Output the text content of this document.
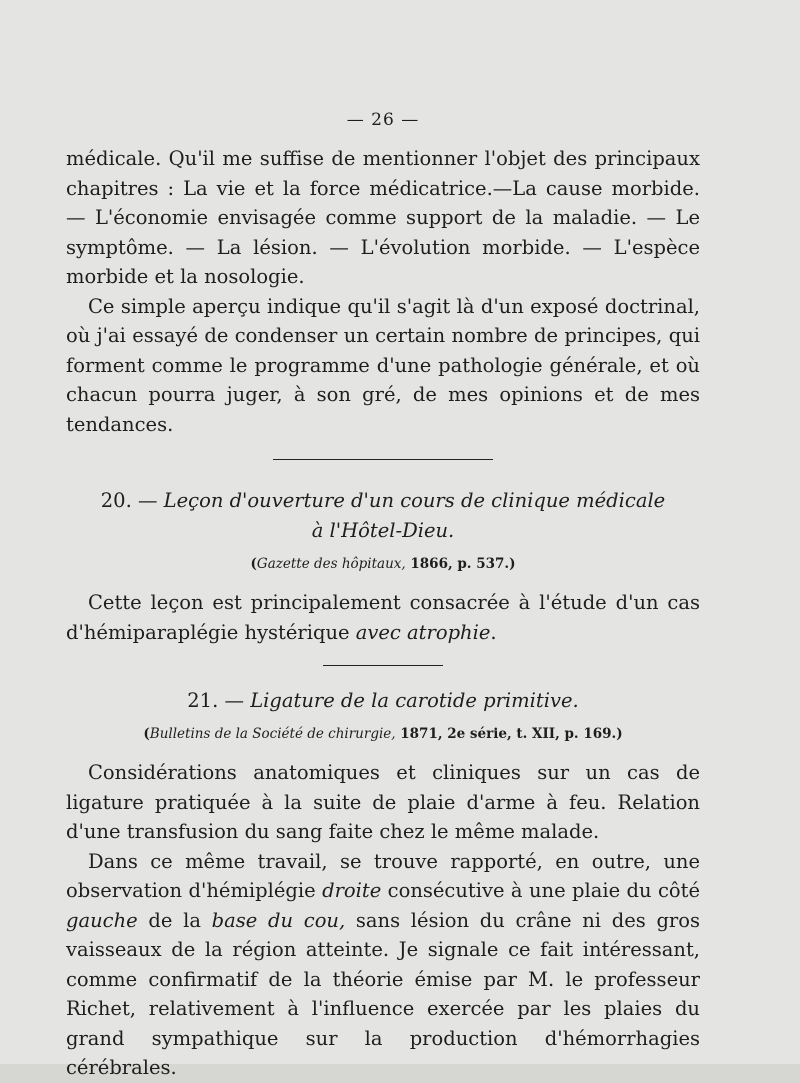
— 26 —

médicale. Qu'il me suffise de mentionner l'objet des principaux chapitres : La vie et la force médicatrice.—La cause morbide. — L'économie envisagée comme support de la maladie. — Le symptôme. — La lésion. — L'évolution morbide. — L'espèce morbide et la nosologie.

Ce simple aperçu indique qu'il s'agit là d'un exposé doctrinal, où j'ai essayé de condenser un certain nombre de principes, qui forment comme le programme d'une pathologie générale, et où chacun pourra juger, à son gré, de mes opinions et de mes tendances.

20. — Leçon d'ouverture d'un cours de clinique médicale
à l'Hôtel-Dieu.
(Gazette des hôpitaux, 1866, p. 537.)

Cette leçon est principalement consacrée à l'étude d'un cas d'hémiparaplégie hystérique avec atrophie.

21. — Ligature de la carotide primitive.
(Bulletins de la Société de chirurgie, 1871, 2e série, t. XII, p. 169.)

Considérations anatomiques et cliniques sur un cas de ligature pratiquée à la suite de plaie d'arme à feu. Relation d'une transfusion du sang faite chez le même malade.

Dans ce même travail, se trouve rapporté, en outre, une observation d'hémiplégie droite consécutive à une plaie du côté gauche de la base du cou, sans lésion du crâne ni des gros vaisseaux de la région atteinte. Je signale ce fait intéressant, comme confirmatif de la théorie émise par M. le professeur Richet, relativement à l'influence exercée par les plaies du grand sympathique sur la production d'hémorrhagies cérébrales.
